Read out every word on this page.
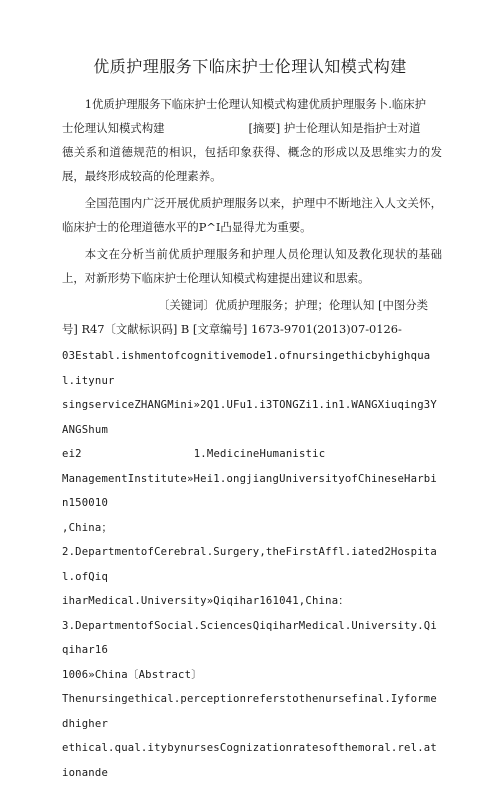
优质护理服务下临床护士伦理认知模式构建

1优质护理服务下临床护士伦理认知模式构建优质护理服务卜.临床护
士伦理认知模式构建	[摘要] 护士伦理认知是指护士对道
德关系和道德规范的相识，包括印象获得、概念的形成以及思维实力的发展，最终形成较高的伦理素养。

全国范围内广泛开展优质护理服务以来，护理中不断地注入人文关怀，临床护士的伦理道德水平的P^I凸显得尤为重要。

本文在分析当前优质护理服务和护理人员伦理认知及教化现状的基础上，对新形势下临床护士伦理认知模式构建提出建议和思索。

〔关键词〕优质护理服务；护理；伦理认知 [中图分类
号] R47〔文献标识码] B [文章编号] 1673-9701(2013)07-0126-

03Establ.ishmentofcognitivemode1.ofnursingethicbyhighqual.itynur

singserviceZHANGMini»2Q1.UFu1.i3TONGZi1.in1.WANGXiuqing3YANGShum

ei2	1.MedicineHumanistic

ManagementInstitute»Hei1.ongjiangUniversityofChineseHarbin150010

,China；

2.DepartmentofCerebral.Surgery,theFirstAffl.iated2Hospital.ofQiq

iharMedical.University»Qiqihar161041,China：

3.DepartmentofSocial.SciencesQiqiharMedical.University.Qiqihar16

1006»China〔Abstract〕

Thenursingethical.perceptionreferstothenursefinal.Iyformedhigher

ethical.qual.itybynursesCognizationratesofthemoral.rel.ationande
